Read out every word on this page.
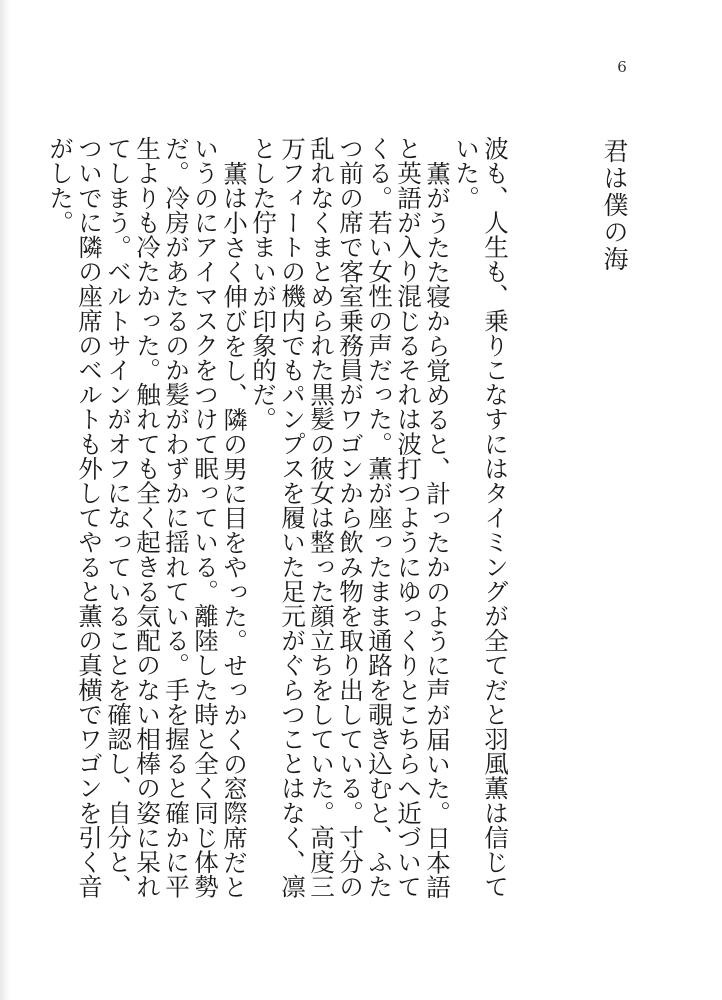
6
君は僕の海

波も、人生も、乗りこなすにはタイミングが全てだと羽風薫は信じていた。

薫がうたた寝から覚めると、計ったかのように声が届いた。日本語と英語が入り混じるそれは波打つようにゆっくりとこちらへ近づいてくる。若い女性の声だった。薫が座ったまま通路を覗き込むと、ふたつ前の席で客室乗務員がワゴンから飲み物を取り出している。寸分の乱れなくまとめられた黒髪の彼女は整った顔立ちをしていた。高度三万フィートの機内でもパンプスを履いた足元がぐらつことはなく、凛とした佇まいが印象的だ。

薫は小さく伸びをし、隣の男に目をやった。せっかくの窓際席だというのにアイマスクをつけて眠っている。離陸した時と全く同じ体勢だ。冷房があたるのか髪がわずかに揺れている。手を握ると確かに平生よりも冷たかった。触れても全く起きる気配のない相棒の姿に呆れてしまう。ベルトサインがオフになっていることを確認し、自分と、ついでに隣の座席のベルトも外してやると薫の真横でワゴンを引く音がした。
